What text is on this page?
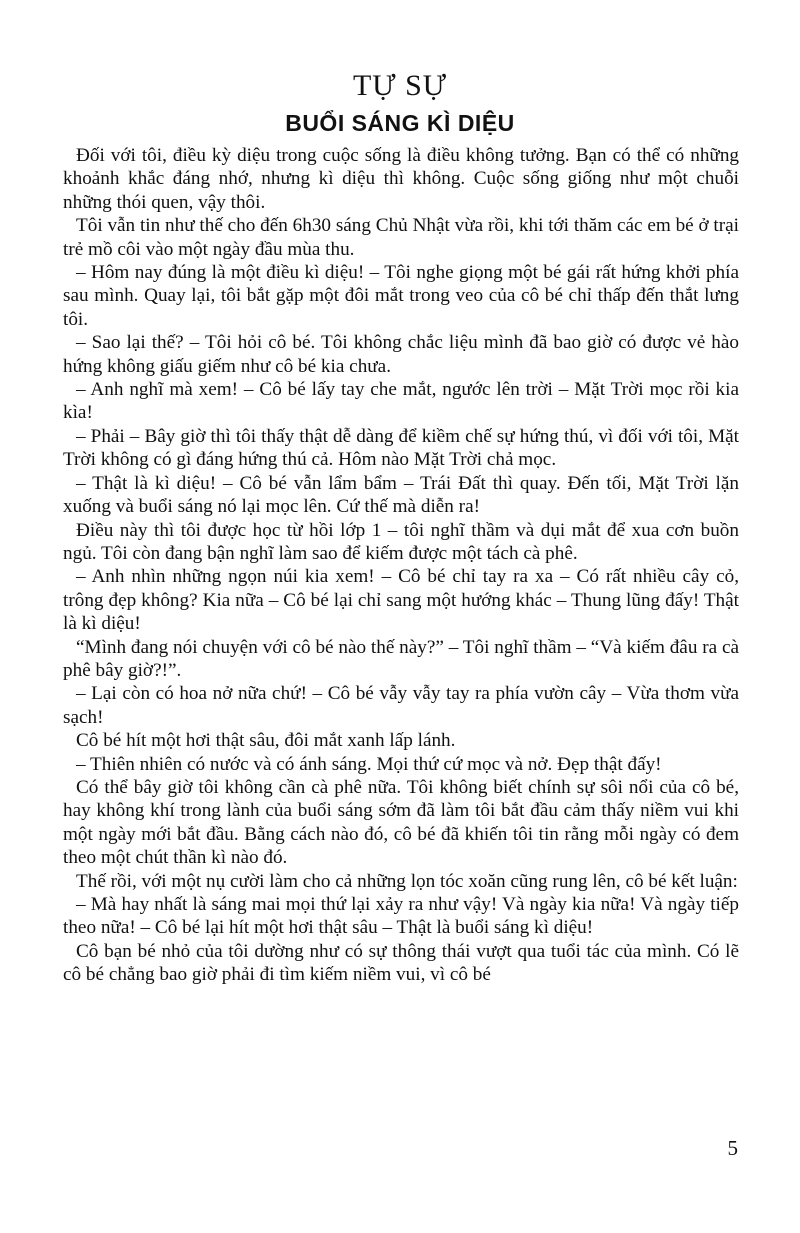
TỰ SỰ
BUỔI SÁNG KÌ DIỆU

Đối với tôi, điều kỳ diệu trong cuộc sống là điều không tưởng. Bạn có thể có những khoảnh khắc đáng nhớ, nhưng kì diệu thì không. Cuộc sống giống như một chuỗi những thói quen, vậy thôi.

Tôi vẫn tin như thế cho đến 6h30 sáng Chủ Nhật vừa rồi, khi tới thăm các em bé ở trại trẻ mồ côi vào một ngày đầu mùa thu.

– Hôm nay đúng là một điều kì diệu! – Tôi nghe giọng một bé gái rất hứng khởi phía sau mình. Quay lại, tôi bắt gặp một đôi mắt trong veo của cô bé chỉ thấp đến thắt lưng tôi.

– Sao lại thế? – Tôi hỏi cô bé. Tôi không chắc liệu mình đã bao giờ có được vẻ hào hứng không giấu giếm như cô bé kia chưa.

– Anh nghĩ mà xem! – Cô bé lấy tay che mắt, ngước lên trời – Mặt Trời mọc rồi kia kìa!

– Phải – Bây giờ thì tôi thấy thật dễ dàng để kiềm chế sự hứng thú, vì đối với tôi, Mặt Trời không có gì đáng hứng thú cả. Hôm nào Mặt Trời chả mọc.

– Thật là kì diệu! – Cô bé vẫn lẩm bẩm – Trái Đất thì quay. Đến tối, Mặt Trời lặn xuống và buổi sáng nó lại mọc lên. Cứ thế mà diễn ra!

Điều này thì tôi được học từ hồi lớp 1 – tôi nghĩ thầm và dụi mắt để xua cơn buồn ngủ. Tôi còn đang bận nghĩ làm sao để kiếm được một tách cà phê.

– Anh nhìn những ngọn núi kia xem! – Cô bé chỉ tay ra xa – Có rất nhiều cây cỏ, trông đẹp không? Kia nữa – Cô bé lại chỉ sang một hướng khác – Thung lũng đấy! Thật là kì diệu!

“Mình đang nói chuyện với cô bé nào thế này?” – Tôi nghĩ thầm – “Và kiếm đâu ra cà phê bây giờ?!”.

– Lại còn có hoa nở nữa chứ! – Cô bé vẫy vẫy tay ra phía vườn cây – Vừa thơm vừa sạch!

Cô bé hít một hơi thật sâu, đôi mắt xanh lấp lánh.

– Thiên nhiên có nước và có ánh sáng. Mọi thứ cứ mọc và nở. Đẹp thật đấy!

Có thể bây giờ tôi không cần cà phê nữa. Tôi không biết chính sự sôi nổi của cô bé, hay không khí trong lành của buổi sáng sớm đã làm tôi bắt đầu cảm thấy niềm vui khi một ngày mới bắt đầu. Bằng cách nào đó, cô bé đã khiến tôi tin rằng mỗi ngày có đem theo một chút thần kì nào đó.

Thế rồi, với một nụ cười làm cho cả những lọn tóc xoăn cũng rung lên, cô bé kết luận:

– Mà hay nhất là sáng mai mọi thứ lại xảy ra như vậy! Và ngày kia nữa! Và ngày tiếp theo nữa! – Cô bé lại hít một hơi thật sâu – Thật là buổi sáng kì diệu!

Cô bạn bé nhỏ của tôi dường như có sự thông thái vượt qua tuổi tác của mình. Có lẽ cô bé chẳng bao giờ phải đi tìm kiếm niềm vui, vì cô bé

5
